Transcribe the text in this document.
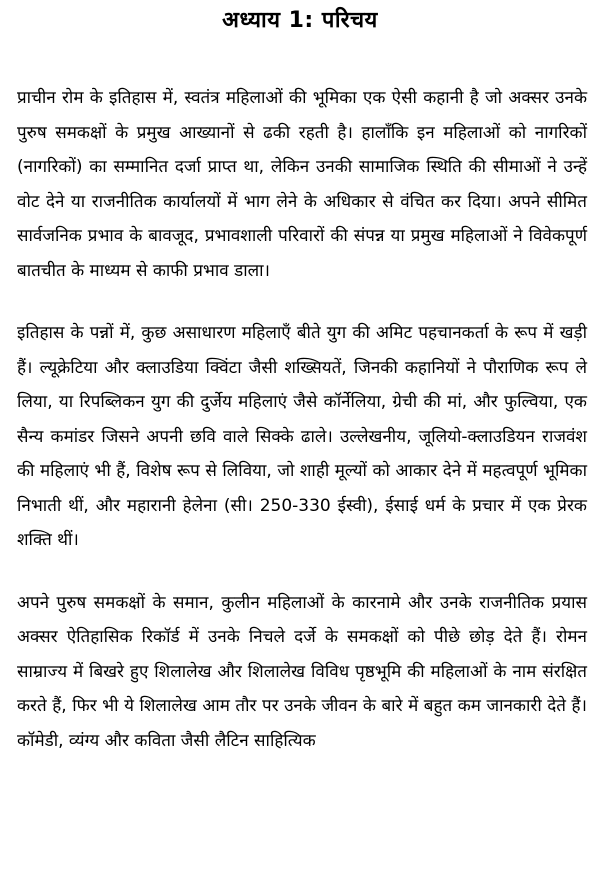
अध्याय 1: परिचय

प्राचीन रोम के इतिहास में, स्वतंत्र महिलाओं की भूमिका एक ऐसी कहानी है जो अक्सर उनके पुरुष समकक्षों के प्रमुख आख्यानों से ढकी रहती है। हालाँकि इन महिलाओं को नागरिकों (नागरिकों) का सम्मानित दर्जा प्राप्त था, लेकिन उनकी सामाजिक स्थिति की सीमाओं ने उन्हें वोट देने या राजनीतिक कार्यालयों में भाग लेने के अधिकार से वंचित कर दिया। अपने सीमित सार्वजनिक प्रभाव के बावजूद, प्रभावशाली परिवारों की संपन्न या प्रमुख महिलाओं ने विवेकपूर्ण बातचीत के माध्यम से काफी प्रभाव डाला।

इतिहास के पन्नों में, कुछ असाधारण महिलाएँ बीते युग की अमिट पहचानकर्ता के रूप में खड़ी हैं। ल्यूक्रेटिया और क्लाउडिया क्विंटा जैसी शख्सियतें, जिनकी कहानियों ने पौराणिक रूप ले लिया, या रिपब्लिकन युग की दुर्जेय महिलाएं जैसे कॉर्नेलिया, ग्रेची की मां, और फुल्विया, एक सैन्य कमांडर जिसने अपनी छवि वाले सिक्के ढाले। उल्लेखनीय, जूलियो-क्लाउडियन राजवंश की महिलाएं भी हैं, विशेष रूप से लिविया, जो शाही मूल्यों को आकार देने में महत्वपूर्ण भूमिका निभाती थीं, और महारानी हेलेना (सी। 250-330 ईस्वी), ईसाई धर्म के प्रचार में एक प्रेरक शक्ति थीं।

अपने पुरुष समकक्षों के समान, कुलीन महिलाओं के कारनामे और उनके राजनीतिक प्रयास अक्सर ऐतिहासिक रिकॉर्ड में उनके निचले दर्जे के समकक्षों को पीछे छोड़ देते हैं। रोमन साम्राज्य में बिखरे हुए शिलालेख और शिलालेख विविध पृष्ठभूमि की महिलाओं के नाम संरक्षित करते हैं, फिर भी ये शिलालेख आम तौर पर उनके जीवन के बारे में बहुत कम जानकारी देते हैं। कॉमेडी, व्यंग्य और कविता जैसी लैटिन साहित्यिक
